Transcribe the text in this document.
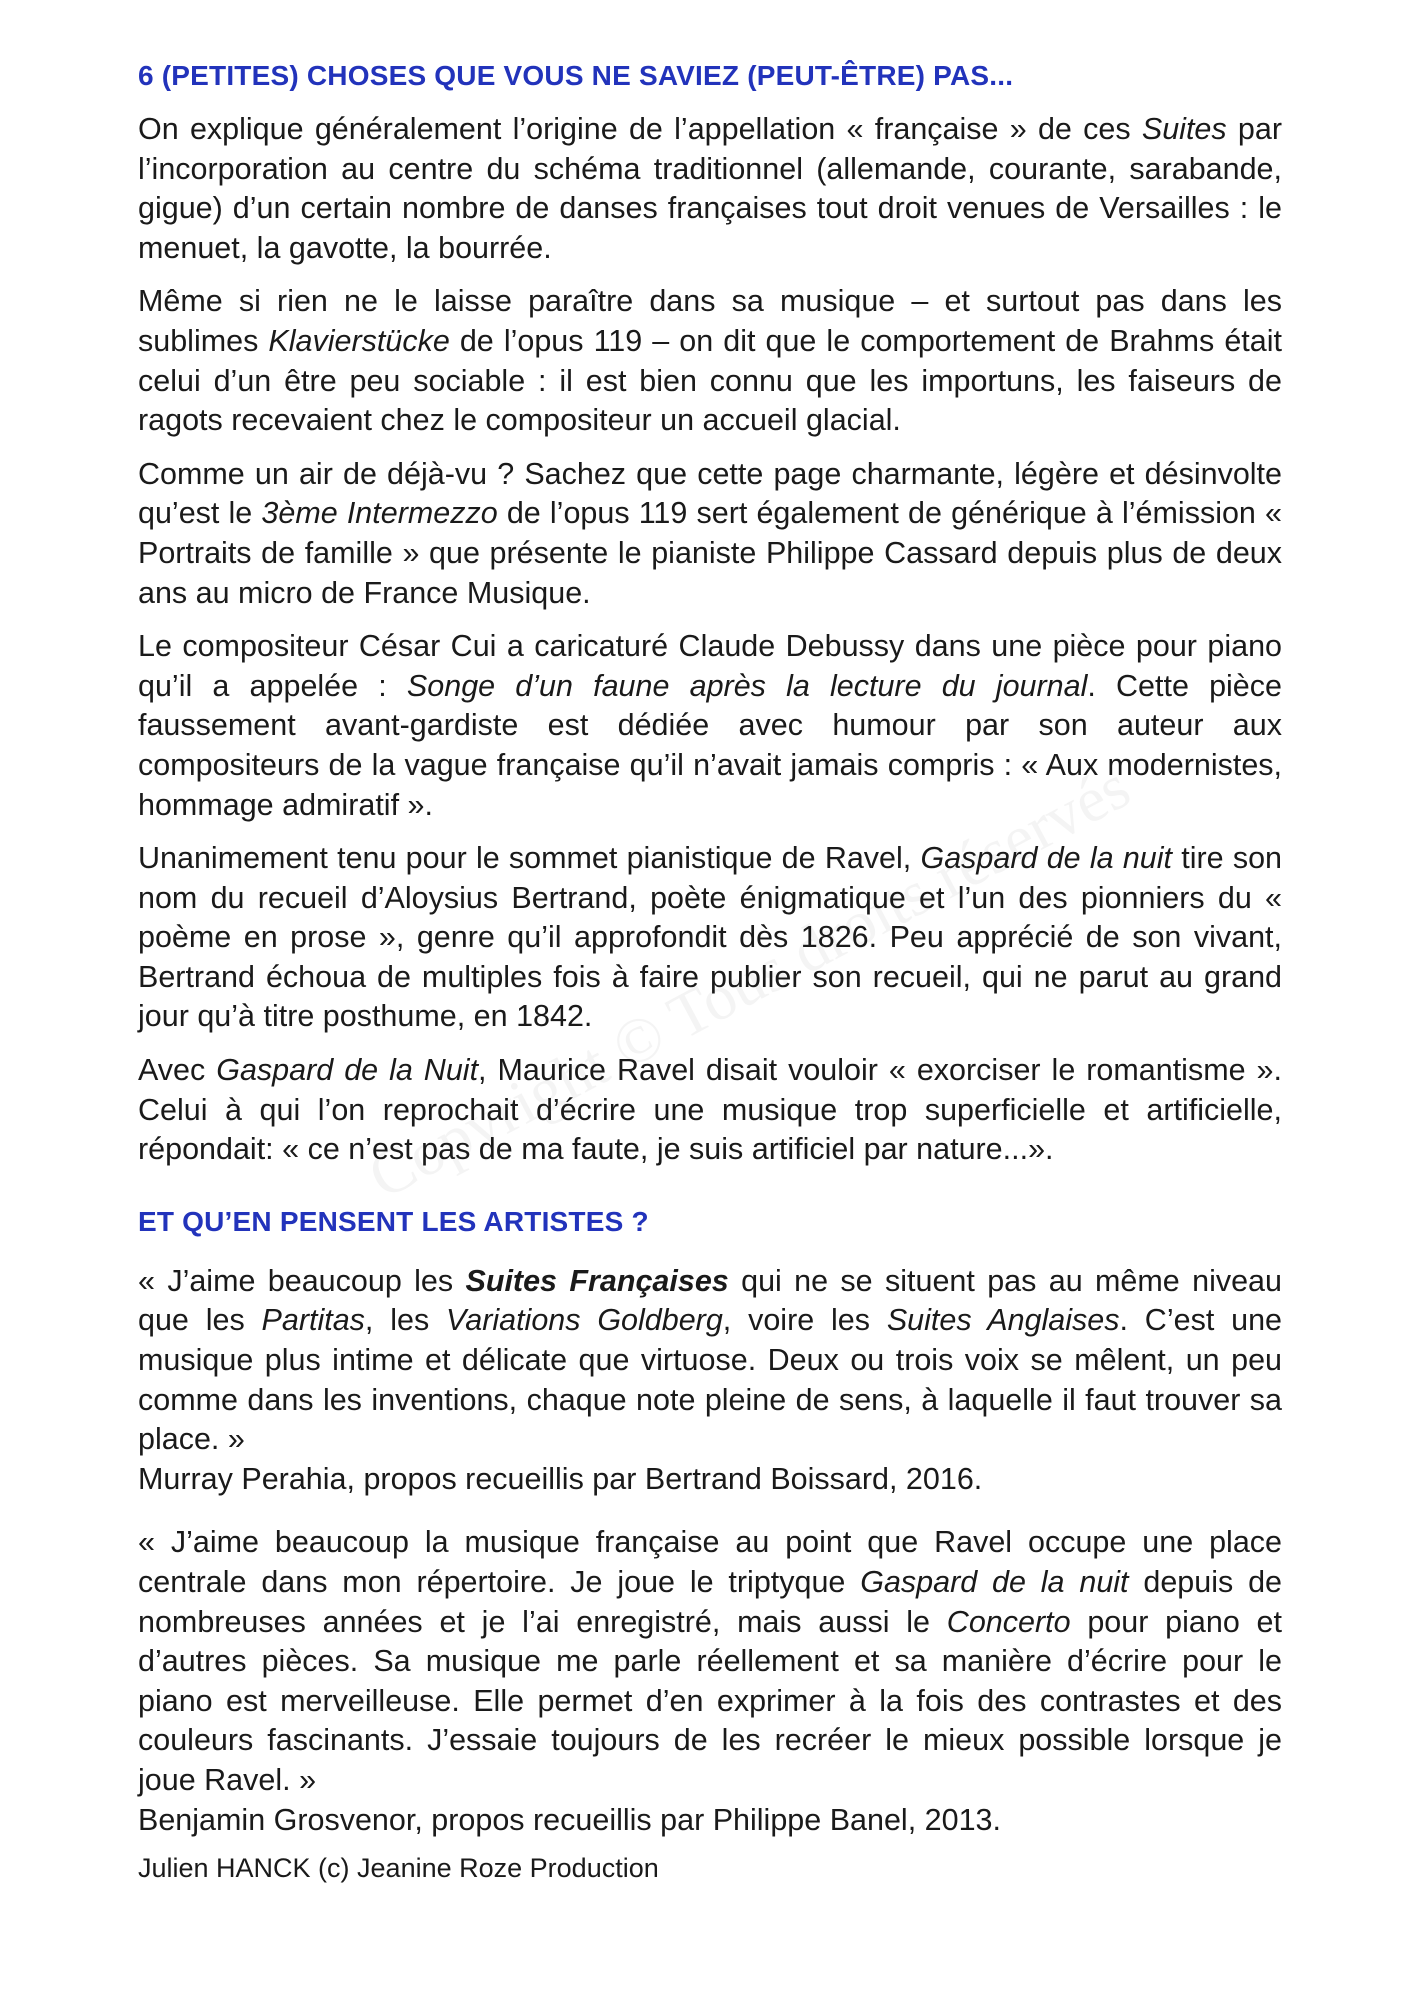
6 (PETITES) CHOSES QUE VOUS NE SAVIEZ (PEUT-ÊTRE) PAS...

On explique généralement l’origine de l’appellation « française » de ces Suites par l’incorporation au centre du schéma traditionnel (allemande, courante, sarabande, gigue) d’un certain nombre de danses françaises tout droit venues de Versailles : le menuet, la gavotte, la bourrée.

Même si rien ne le laisse paraître dans sa musique – et surtout pas dans les sublimes Klavierstücke de l’opus 119 – on dit que le comportement de Brahms était celui d’un être peu sociable : il est bien connu que les importuns, les faiseurs de ragots recevaient chez le compositeur un accueil glacial.

Comme un air de déjà-vu ? Sachez que cette page charmante, légère et désinvolte qu’est le 3ème Intermezzo de l’opus 119 sert également de générique à l’émission « Portraits de famille » que présente le pianiste Philippe Cassard depuis plus de deux ans au micro de France Musique.

Le compositeur César Cui a caricaturé Claude Debussy dans une pièce pour piano qu’il a appelée : Songe d’un faune après la lecture du journal. Cette pièce faussement avant-gardiste est dédiée avec humour par son auteur aux compositeurs de la vague française qu’il n’avait jamais compris : « Aux modernistes, hommage admiratif ».

Unanimement tenu pour le sommet pianistique de Ravel, Gaspard de la nuit tire son nom du recueil d’Aloysius Bertrand, poète énigmatique et l’un des pionniers du « poème en prose », genre qu’il approfondit dès 1826. Peu apprécié de son vivant, Bertrand échoua de multiples fois à faire publier son recueil, qui ne parut au grand jour qu’à titre posthume, en 1842.

Avec Gaspard de la Nuit, Maurice Ravel disait vouloir « exorciser le romantisme ». Celui à qui l’on reprochait d’écrire une musique trop superficielle et artificielle, répondait: « ce n’est pas de ma faute, je suis artificiel par nature...».

ET QU’EN PENSENT LES ARTISTES ?

« J’aime beaucoup les Suites Françaises qui ne se situent pas au même niveau que les Partitas, les Variations Goldberg, voire les Suites Anglaises. C’est une musique plus intime et délicate que virtuose. Deux ou trois voix se mêlent, un peu comme dans les inventions, chaque note pleine de sens, à laquelle il faut trouver sa place. »

Murray Perahia, propos recueillis par Bertrand Boissard, 2016.

« J’aime beaucoup la musique française au point que Ravel occupe une place centrale dans mon répertoire. Je joue le triptyque Gaspard de la nuit depuis de nombreuses années et je l’ai enregistré, mais aussi le Concerto pour piano et d’autres pièces. Sa musique me parle réellement et sa manière d’écrire pour le piano est merveilleuse. Elle permet d’en exprimer à la fois des contrastes et des couleurs fascinants. J’essaie toujours de les recréer le mieux possible lorsque je joue Ravel. »

Benjamin Grosvenor, propos recueillis par Philippe Banel, 2013.

Julien HANCK (c) Jeanine Roze Production
